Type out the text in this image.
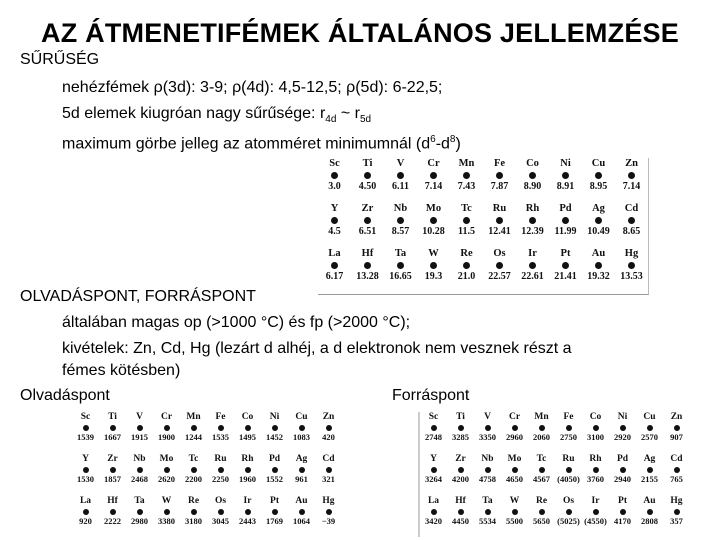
AZ ÁTMENETIFÉMEK ÁLTALÁNOS JELLEMZÉSE
SŰRŰSÉG
nehézfémek ρ(3d): 3-9; ρ(4d): 4,5-12,5; ρ(5d): 6-22,5;
5d elemek kiugróan nagy sűrűsége: $r_{4d}$ ~ $r_{5d}$
maximum görbe jelleg az atomméret minimumnál $(d^6-d^8)$
Sc
3.0
Ti
4.50
V
6.11
Cr
7.14
Mn
7.43
Fe
7.87
Co
8.90
Ni
8.91
Cu
8.95
Zn
7.14
Y
4.5
Zr
6.51
Nb
8.57
Mo
10.28
Tc
11.5
Ru
12.41
Rh
12.39
Pd
11.99
Ag
10.49
Cd
8.65
La
6.17
Hf
13.28
Ta
16.65
W
19.3
Re
21.0
Os
22.57
Ir
22.61
Pt
21.41
Au
19.32
Hg
13.53
OLVADÁSPONT, FORRÁSPONT
általában magas op (>1000 °C) és fp (>2000 °C);
kivételek: Zn, Cd, Hg (lezárt d alhéj, a d elektronok nem vesznek részt a
fémes kötésben)
Olvadáspont	Forráspont
Sc
1539
Ti
1667
V
1915
Cr
1900
Mn
1244
Fe
1535
Co
1495
Ni
1452
Cu
1083
Zn
420
Y
1530
Zr
1857
Nb
2468
Mo
2620
Tc
2200
Ru
2250
Rh
1960
Pd
1552
Ag
961
Cd
321
La
920
Hf
2222
Ta
2980
W
3380
Re
3180
Os
3045
Ir
2443
Pt
1769
Au
1064
Hg
−39
Sc
2748
Ti
3285
V
3350
Cr
2960
Mn
2060
Fe
2750
Co
3100
Ni
2920
Cu
2570
Zn
907
Y
3264
Zr
4200
Nb
4758
Mo
4650
Tc
4567
Ru
(4050)
Rh
3760
Pd
2940
Ag
2155
Cd
765
La
3420
Hf
4450
Ta
5534
W
5500
Re
5650
Os
(5025)
Ir
(4550)
Pt
4170
Au
2808
Hg
357
